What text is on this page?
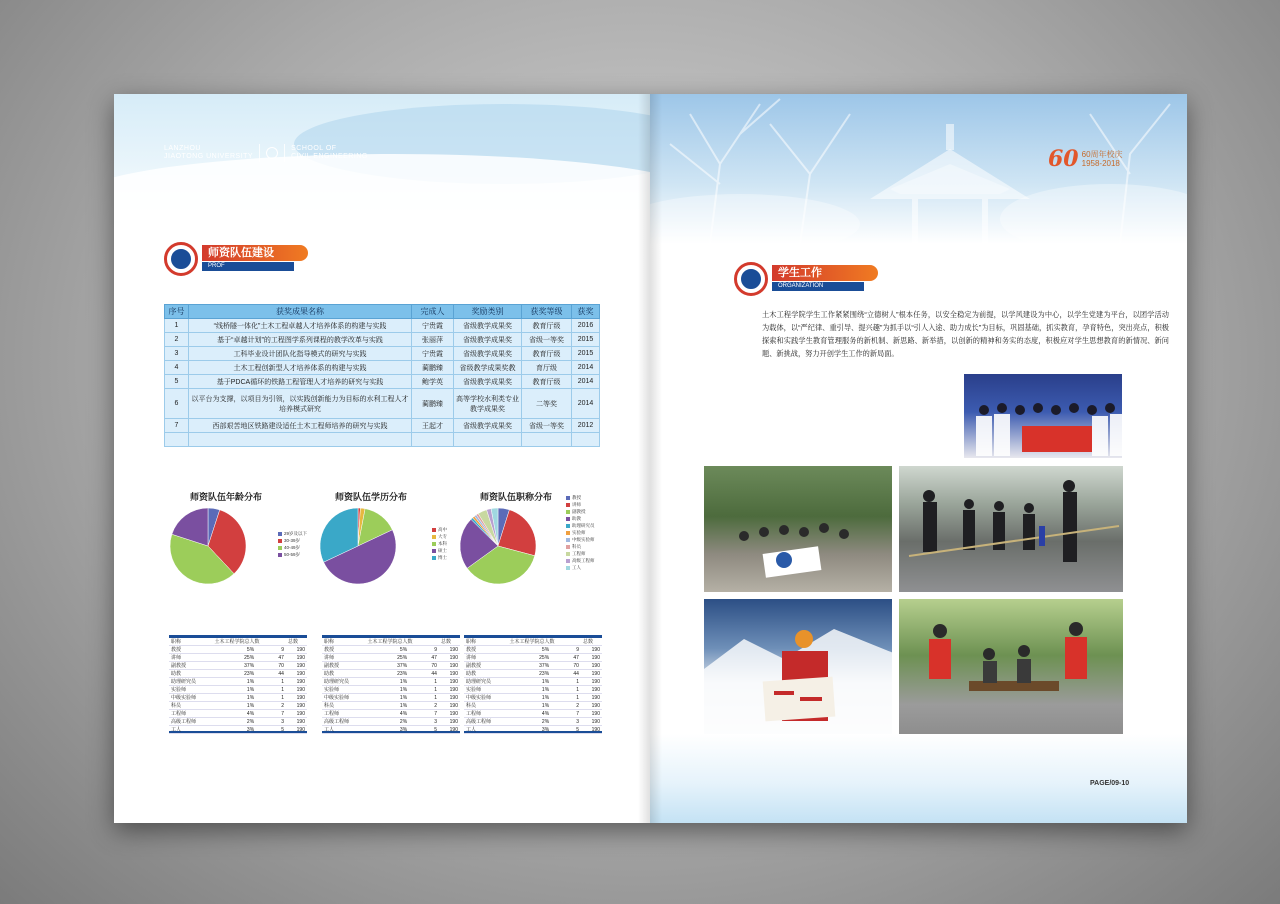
LANZHOU
JIAOTONG UNIVERSITY
SCHOOL OF
CIVIL ENGINEERING
师资队伍建设
PROF
序号	获奖成果名称	完成人	奖励类别	获奖等级	获奖
1	“线桥隧一体化”土木工程卓越人才培养体系的构建与实践	宁贵霞	省级教学成果奖	教育厅级	2016
2	基于“卓越计划”的工程图学系列课程的教学改革与实践	张丽萍	省级教学成果奖	省级一等奖	2015
3	工科毕业设计团队化指导模式的研究与实践	宁贵霞	省级教学成果奖	教育厅级	2015
4	土木工程创新型人才培养体系的构建与实践	蔺鹏臻	省级教学成果奖教	育厅级	2014
5	基于PDCA循环的铁路工程管理人才培养的研究与实践	鲍学英	省级教学成果奖	教育厅级	2014
6	以平台为支撑，以项目为引领，以实践创新能力为目标的水利工程人才培养模式研究	蔺鹏臻	高等学校水利类专业教学成果奖	二等奖	2014
7	西部艰苦地区铁路建设适任土木工程师培养的研究与实践	王起才	省级教学成果奖	省级一等奖	2012

师资队伍年龄分布	师资队伍学历分布	师资队伍职称分布
29岁及以下
30-39岁
40-49岁
50-59岁
高中
大专
本科
硕士
博士
教授
讲师
副教授
助教
助理研究员
实验师
中级实验师
科员
工程师
高级工程师
工人
职称	土木工程学院总人数		总数
教授	5%	9	190
讲师	25%	47	190
副教授	37%	70	190
助教	23%	44	190
助理研究员	1%	1	190
实验师	1%	1	190
中级实验师	1%	1	190
科员	1%	2	190
工程师	4%	7	190
高级工程师	2%	3	190
工人	3%	5	190
职称	土木工程学院总人数		总数
教授	5%	9	190
讲师	25%	47	190
副教授	37%	70	190
助教	23%	44	190
助理研究员	1%	1	190
实验师	1%	1	190
中级实验师	1%	1	190
科员	1%	2	190
工程师	4%	7	190
高级工程师	2%	3	190
工人	3%	5	190
职称	土木工程学院总人数		总数
教授	5%	9	190
讲师	25%	47	190
副教授	37%	70	190
助教	23%	44	190
助理研究员	1%	1	190
实验师	1%	1	190
中级实验师	1%	1	190
科员	1%	2	190
工程师	4%	7	190
高级工程师	2%	3	190
工人	3%	5	190
60 60周年校庆
1958-2018
学生工作
ORGANIZATION
土木工程学院学生工作紧紧围绕“立德树人”根本任务，以安全稳定为前提，以学风建设为中心，以学生党建为平台，以团学活动为载体，以“严纪律、重引导、提兴趣”为抓手以“引人入途、助力成长”为目标，巩固基础，抓实教育，孕育特色，突出亮点，积极探索和实践学生教育管理服务的新机制、新思路、新举措，以创新的精神和务实的态度，积极应对学生思想教育的新情况、新问题、新挑战，努力开创学生工作的新局面。
PAGE/09-10
